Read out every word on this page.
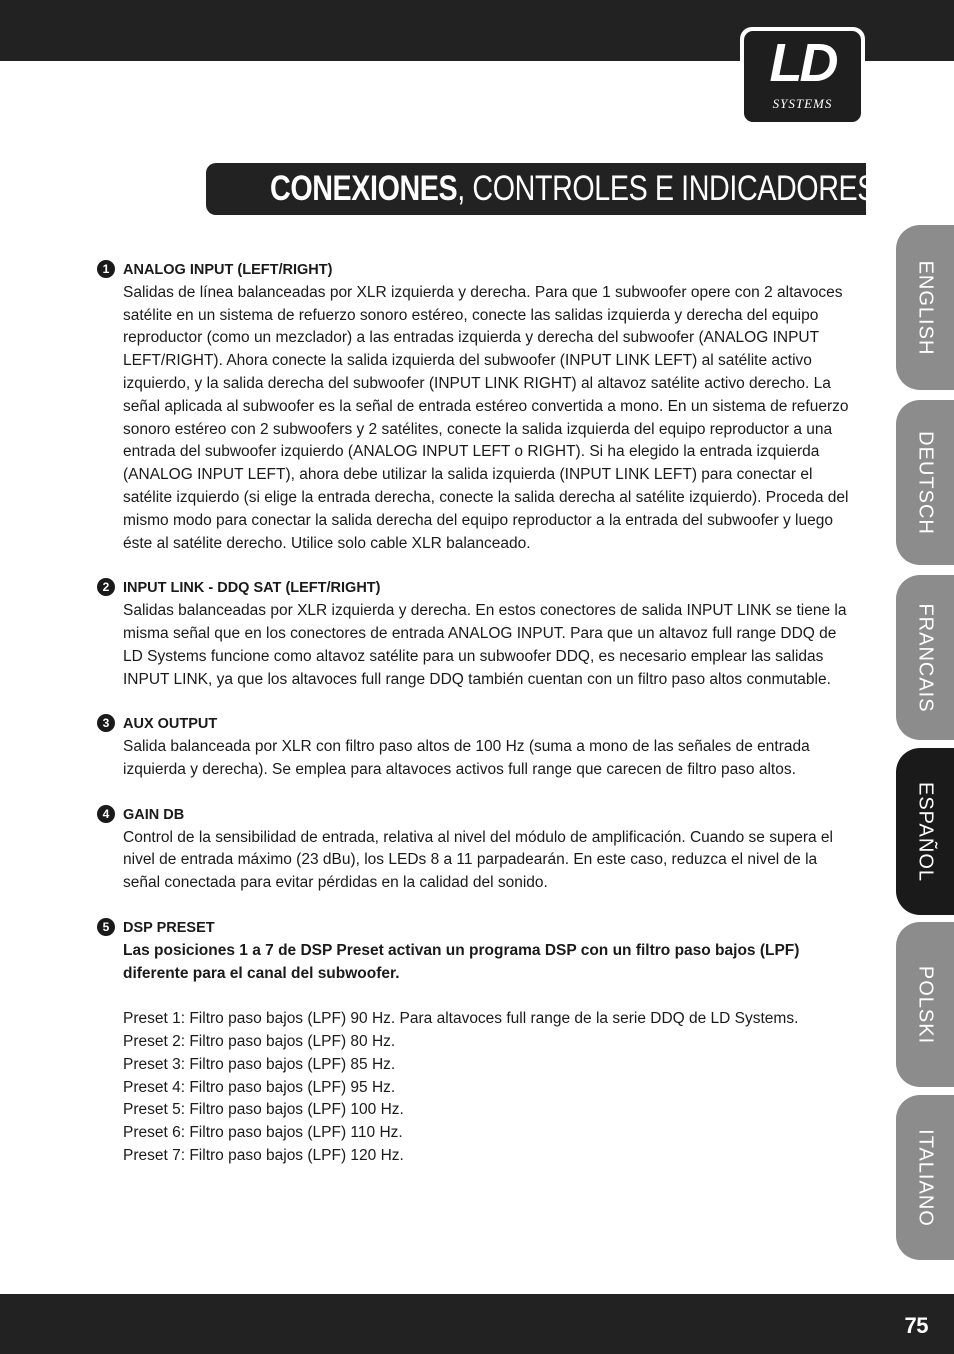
LD
SYSTEMS
CONEXIONES, CONTROLES E INDICADORES:
ENGLISH
DEUTSCH
FRANCAIS
ESPAÑOL
POLSKI
ITALIANO
1 ANALOG INPUT (LEFT/RIGHT)
Salidas de línea balanceadas por XLR izquierda y derecha. Para que 1 subwoofer opere con 2 altavoces satélite en un sistema de refuerzo sonoro estéreo, conecte las salidas izquierda y derecha del equipo reproductor (como un mezclador) a las entradas izquierda y derecha del subwoofer (ANALOG INPUT LEFT/RIGHT). Ahora conecte la salida izquierda del subwoofer (INPUT LINK LEFT) al satélite activo izquierdo, y la salida derecha del subwoofer (INPUT LINK RIGHT) al altavoz satélite activo derecho. La señal aplicada al subwoofer es la señal de entrada estéreo convertida a mono. En un sistema de refuerzo sonoro estéreo con 2 subwoofers y 2 satélites, conecte la salida izquierda del equipo reproductor a una entrada del subwoofer izquierdo (ANALOG INPUT LEFT o RIGHT). Si ha elegido la entrada izquierda (ANALOG INPUT LEFT), ahora debe utilizar la salida izquierda (INPUT LINK LEFT) para conectar el satélite izquierdo (si elige la entrada derecha, conecte la salida derecha al satélite izquierdo). Proceda del mismo modo para conectar la salida derecha del equipo reproductor a la entrada del subwoofer y luego éste al satélite derecho. Utilice solo cable XLR balanceado.
2 INPUT LINK - DDQ SAT (LEFT/RIGHT)
Salidas balanceadas por XLR izquierda y derecha. En estos conectores de salida INPUT LINK se tiene la misma señal que en los conectores de entrada ANALOG INPUT. Para que un altavoz full range DDQ de LD Systems funcione como altavoz satélite para un subwoofer DDQ, es necesario emplear las salidas INPUT LINK, ya que los altavoces full range DDQ también cuentan con un filtro paso altos conmutable.
3 AUX OUTPUT
Salida balanceada por XLR con filtro paso altos de 100 Hz (suma a mono de las señales de entrada izquierda y derecha). Se emplea para altavoces activos full range que carecen de filtro paso altos.
4 GAIN DB
Control de la sensibilidad de entrada, relativa al nivel del módulo de amplificación. Cuando se supera el nivel de entrada máximo (23 dBu), los LEDs 8 a 11 parpadearán. En este caso, reduzca el nivel de la señal conectada para evitar pérdidas en la calidad del sonido.
5 DSP PRESET
Las posiciones 1 a 7 de DSP Preset activan un programa DSP con un filtro paso bajos (LPF) diferente para el canal del subwoofer.
Preset 1: Filtro paso bajos (LPF) 90 Hz. Para altavoces full range de la serie DDQ de LD Systems.
Preset 2: Filtro paso bajos (LPF) 80 Hz.
Preset 3: Filtro paso bajos (LPF) 85 Hz.
Preset 4: Filtro paso bajos (LPF) 95 Hz.
Preset 5: Filtro paso bajos (LPF) 100 Hz.
Preset 6: Filtro paso bajos (LPF) 110 Hz.
Preset 7: Filtro paso bajos (LPF) 120 Hz.
75
